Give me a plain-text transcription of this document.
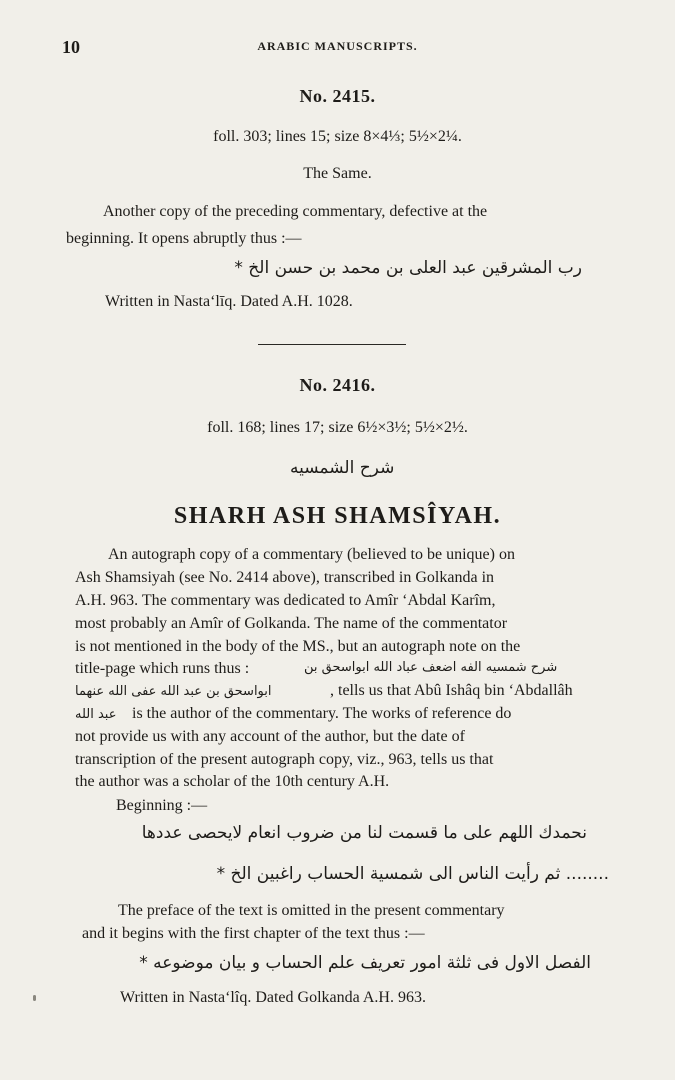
10	ARABIC MANUSCRIPTS.
No. 2415.
foll. 303; lines 15; size 8×4⅓; 5½×2¼.
The Same.
Another copy of the preceding commentary, defective at the
beginning. It opens abruptly thus :—
رب المشرقين عبد العلى بن محمد بن حسن الخ *
Written in Nasta‘līq. Dated A.H. 1028.
No. 2416.
foll. 168; lines 17; size 6½×3½; 5½×2½.
شرح الشمسيه
SHARH ASH SHAMSÎYAH.
An autograph copy of a commentary (believed to be unique) on
Ash Shamsiyah (see No. 2414 above), transcribed in Golkanda in
A.H. 963. The commentary was dedicated to Amîr ‘Abdal Karîm,
most probably an Amîr of Golkanda. The name of the commentator
is not mentioned in the body of the MS., but an autograph note on the
title-page which runs thus :	شرح شمسيه الفه اضعف عباد الله ابواسحق بن
ابواسحق بن عبد الله عفى الله عنهما	, tells us that Abû Ishâq bin ‘Abdallâh
عبد الله is the author of the commentary. The works of reference do
not provide us with any account of the author, but the date of
transcription of the present autograph copy, viz., 963, tells us that
the author was a scholar of the 10th century A.H.
Beginning :—
نحمدك اللهم على ما قسمت لنا من ضروب انعام لايحصى عددها
........ ثم رأيت الناس الى شمسية الحساب راغبين الخ *
The preface of the text is omitted in the present commentary
and it begins with the first chapter of the text thus :—
الفصل الاول فى ثلثة امور تعريف علم الحساب و بيان موضوعه *
Written in Nasta‘lîq. Dated Golkanda A.H. 963.
